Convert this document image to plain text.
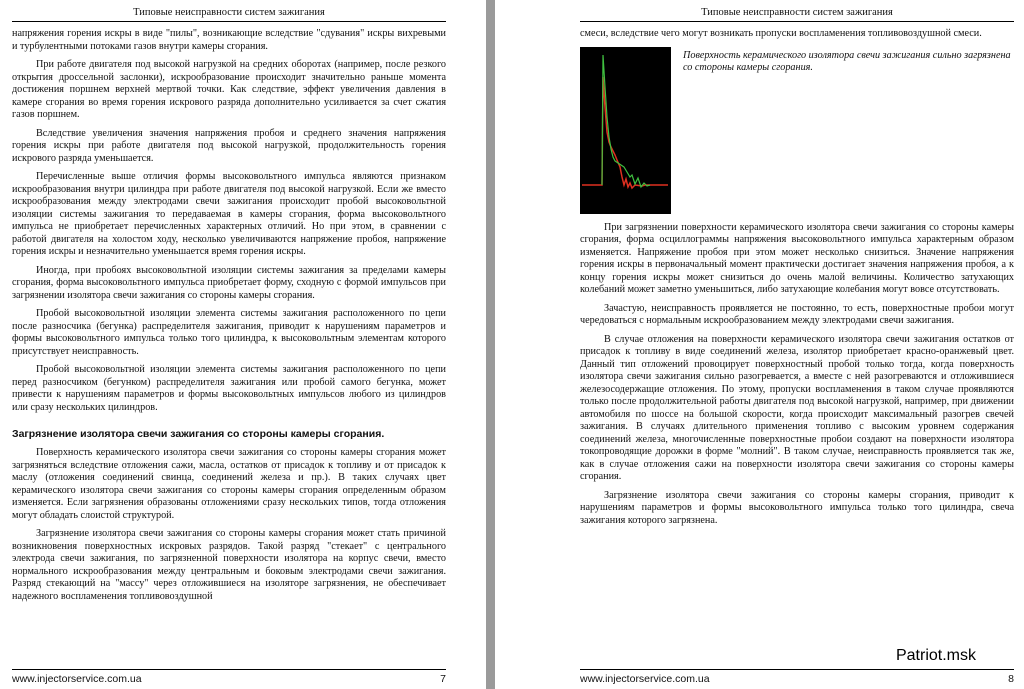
Типовые неисправности систем зажигания

напряжения горения искры в виде "пилы", возникающие вследствие "сдувания" искры вихревыми и турбулентными потоками газов внутри камеры сгорания.

При работе двигателя под высокой нагрузкой на средних оборотах (например, после резкого открытия дроссельной заслонки), искрообразование происходит значительно раньше момента достижения поршнем верхней мертвой точки. Как следствие, эффект увеличения давления в камере сгорания во время горения искрового разряда дополнительно усиливается за счет сжатия газов поршнем.

Вследствие увеличения значения напряжения пробоя и среднего значения напряжения горения искры при работе двигателя под высокой нагрузкой, продолжительность горения искрового разряда уменьшается.

Перечисленные выше отличия формы высоковольтного импульса являются признаком искрообразования внутри цилиндра при работе двигателя под высокой нагрузкой. Если же вместо искрообразования между электродами свечи зажигания происходит пробой высоковольтной изоляции системы зажигания то передаваемая в камеры сгорания, форма высоковольтного импульса не приобретает перечисленных характерных отличий. Но при этом, в сравнении с работой двигателя на холостом ходу, несколько увеличиваются напряжение пробоя, напряжение горения искры и незначительно уменьшается время горения искры.

Иногда, при пробоях высоковольтной изоляции системы зажигания за пределами камеры сгорания, форма высоковольтного импульса приобретает форму, сходную с формой импульсов при загрязнении изолятора свечи зажигания со стороны камеры сгорания.

Пробой высоковольтной изоляции элемента системы зажигания расположенного по цепи после разносчика (бегунка) распределителя зажигания, приводит к нарушениям параметров и формы высоковольтного импульса только того цилиндра, к высоковольтным элементам которого присутствует неисправность.

Пробой высоковольтной изоляции элемента системы зажигания расположенного по цепи перед разносчиком (бегунком) распределителя зажигания или пробой самого бегунка, может привести к нарушениям параметров и формы высоковольтных импульсов любого из цилиндров или сразу нескольких цилиндров.

Загрязнение изолятора свечи зажигания со стороны камеры сгорания.

Поверхность керамического изолятора свечи зажигания со стороны камеры сгорания может загрязняться вследствие отложения сажи, масла, остатков от присадок к топливу и от присадок к маслу (отложения соединений свинца, соединений железа и пр.). В таких случаях цвет керамического изолятора свечи зажигания со стороны камеры сгорания определенным образом изменяется. Если загрязнения образованы отложениями сразу нескольких типов, тогда отложения могут обладать слоистой структурой.

Загрязнение изолятора свечи зажигания со стороны камеры сгорания может стать причиной возникновения поверхностных искровых разрядов. Такой разряд "стекает" с центрального электрода свечи зажигания, по загрязненной поверхности изолятора на корпус свечи, вместо нормального искрообразования между центральным и боковым электродами свечи зажигания. Разряд стекающий на "массу" через отложившиеся на изоляторе загрязнения, не обеспечивает надежного воспламенения топливовоздушной

www.injectorservice.com.ua	7
Типовые неисправности систем зажигания

смеси, вследствие чего могут возникать пропуски воспламенения топливовоздушной смеси.

Поверхность керамического изолятора свечи зажигания сильно загрязнена со стороны камеры сгорания.

При загрязнении поверхности керамического изолятора свечи зажигания со стороны камеры сгорания, форма осциллограммы напряжения высоковольтного импульса характерным образом изменяется. Напряжение пробоя при этом может несколько снизиться. Значение напряжения горения искры в первоначальный момент практически достигает значения напряжения пробоя, а к концу горения искры может снизиться до очень малой величины. Количество затухающих колебаний может заметно уменьшиться, либо затухающие колебания могут вовсе отсутствовать.

Зачастую, неисправность проявляется не постоянно, то есть, поверхностные пробои могут чередоваться с нормальным искрообразованием между электродами свечи зажигания.

В случае отложения на поверхности керамического изолятора свечи зажигания остатков от присадок к топливу в виде соединений железа, изолятор приобретает красно-оранжевый цвет. Данный тип отложений провоцирует поверхностный пробой только тогда, когда поверхность изолятора свечи зажигания сильно разогревается, а вместе с ней разогреваются и отложившиеся железосодержащие отложения. По этому, пропуски воспламенения в таком случае проявляются только после продолжительной работы двигателя под высокой нагрузкой, например, при движении автомобиля по шоссе на большой скорости, когда происходит максимальный разогрев свечей зажигания. В случаях длительного применения топливо с высоким уровнем содержания соединений железа, многочисленные поверхностные пробои создают на поверхности изолятора токопроводящие дорожки в форме "молний". В таком случае, неисправность проявляется так же, как в случае отложения сажи на поверхности изолятора свечи зажигания со стороны камеры сгорания.

Загрязнение изолятора свечи зажигания со стороны камеры сгорания, приводит к нарушениям параметров и формы высоковольтного импульса только того цилиндра, свеча зажигания которого загрязнена.

Patriot.msk
www.injectorservice.com.ua	8
